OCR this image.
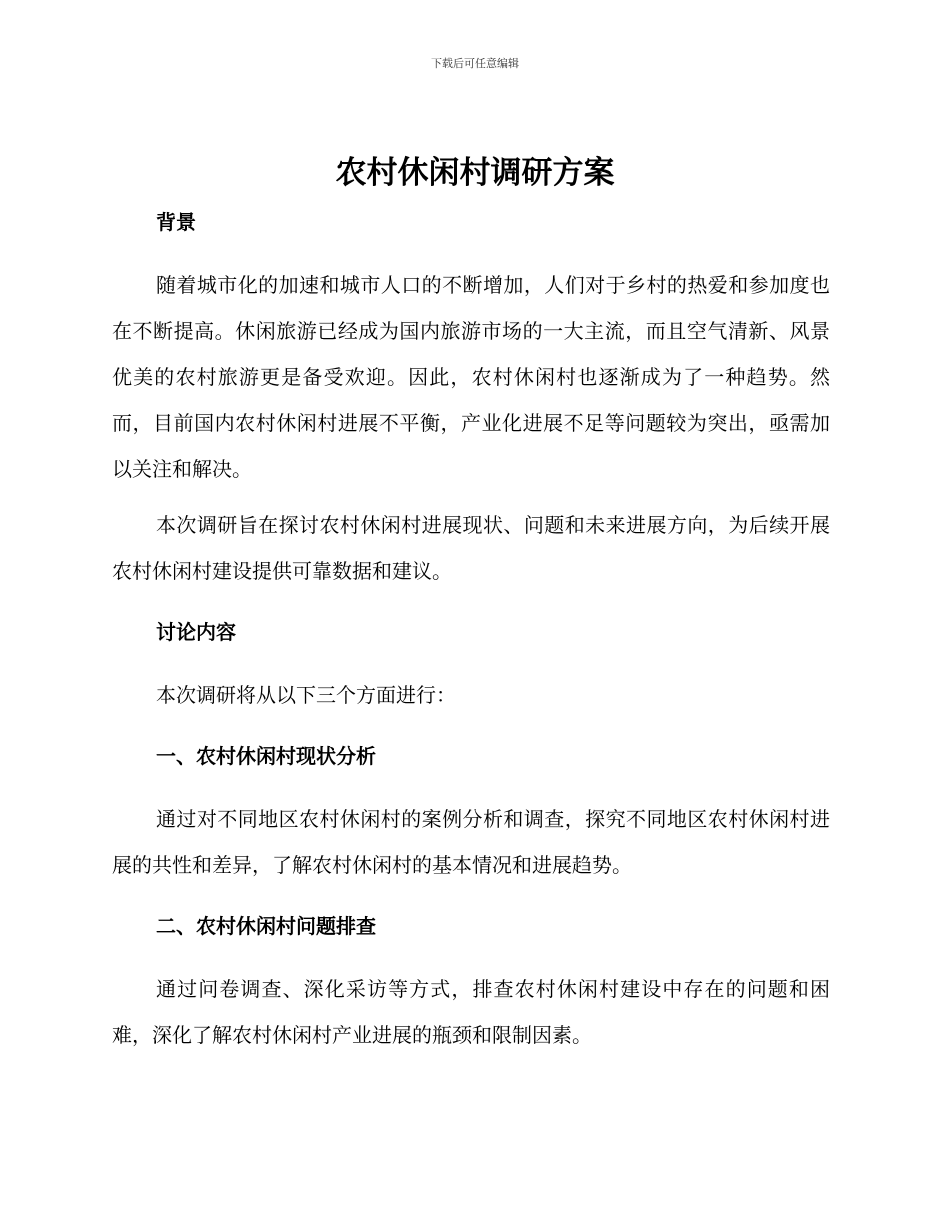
下载后可任意编辑
农村休闲村调研方案

背景

随着城市化的加速和城市人口的不断增加，人们对于乡村的热爱和参加度也在不断提高。休闲旅游已经成为国内旅游市场的一大主流，而且空气清新、风景优美的农村旅游更是备受欢迎。因此，农村休闲村也逐渐成为了一种趋势。然而，目前国内农村休闲村进展不平衡，产业化进展不足等问题较为突出，亟需加以关注和解决。

本次调研旨在探讨农村休闲村进展现状、问题和未来进展方向，为后续开展农村休闲村建设提供可靠数据和建议。

讨论内容

本次调研将从以下三个方面进行：

一、农村休闲村现状分析

通过对不同地区农村休闲村的案例分析和调查，探究不同地区农村休闲村进展的共性和差异，了解农村休闲村的基本情况和进展趋势。

二、农村休闲村问题排查

通过问卷调查、深化采访等方式，排查农村休闲村建设中存在的问题和困难，深化了解农村休闲村产业进展的瓶颈和限制因素。
